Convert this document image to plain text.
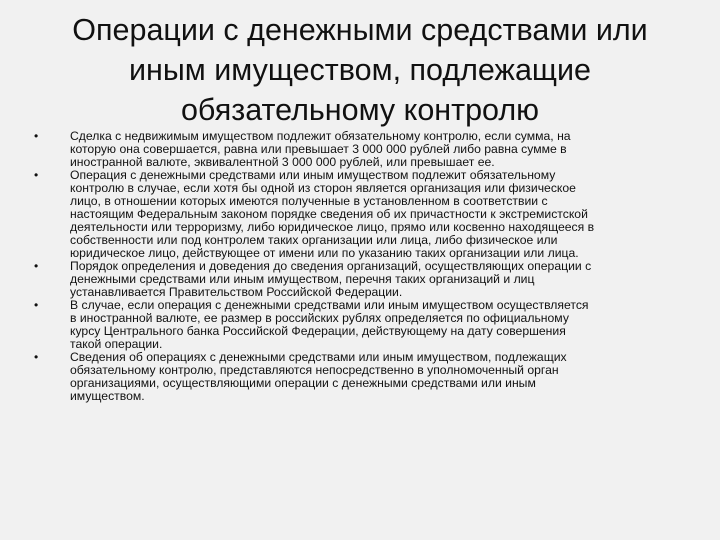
Операции с денежными средствами или
иным имуществом, подлежащие
обязательному контролю
•	Сделка с недвижимым имуществом подлежит обязательному контролю, если сумма, на
которую она совершается, равна или превышает 3 000 000 рублей либо равна сумме в
иностранной валюте, эквивалентной 3 000 000 рублей, или превышает ее.
•	Операция с денежными средствами или иным имуществом подлежит обязательному
контролю в случае, если хотя бы одной из сторон является организация или физическое
лицо, в отношении которых имеются полученные в установленном в соответствии с
настоящим Федеральным законом порядке сведения об их причастности к экстремистской
деятельности или терроризму, либо юридическое лицо, прямо или косвенно находящееся в
собственности или под контролем таких организации или лица, либо физическое или
юридическое лицо, действующее от имени или по указанию таких организации или лица.
•	Порядок определения и доведения до сведения организаций, осуществляющих операции с
денежными средствами или иным имуществом, перечня таких организаций и лиц
устанавливается Правительством Российской Федерации.
•	В случае, если операция с денежными средствами или иным имуществом осуществляется
в иностранной валюте, ее размер в российских рублях определяется по официальному
курсу Центрального банка Российской Федерации, действующему на дату совершения
такой операции.
•	Сведения об операциях с денежными средствами или иным имуществом, подлежащих
обязательному контролю, представляются непосредственно в уполномоченный орган
организациями, осуществляющими операции с денежными средствами или иным
имуществом.
